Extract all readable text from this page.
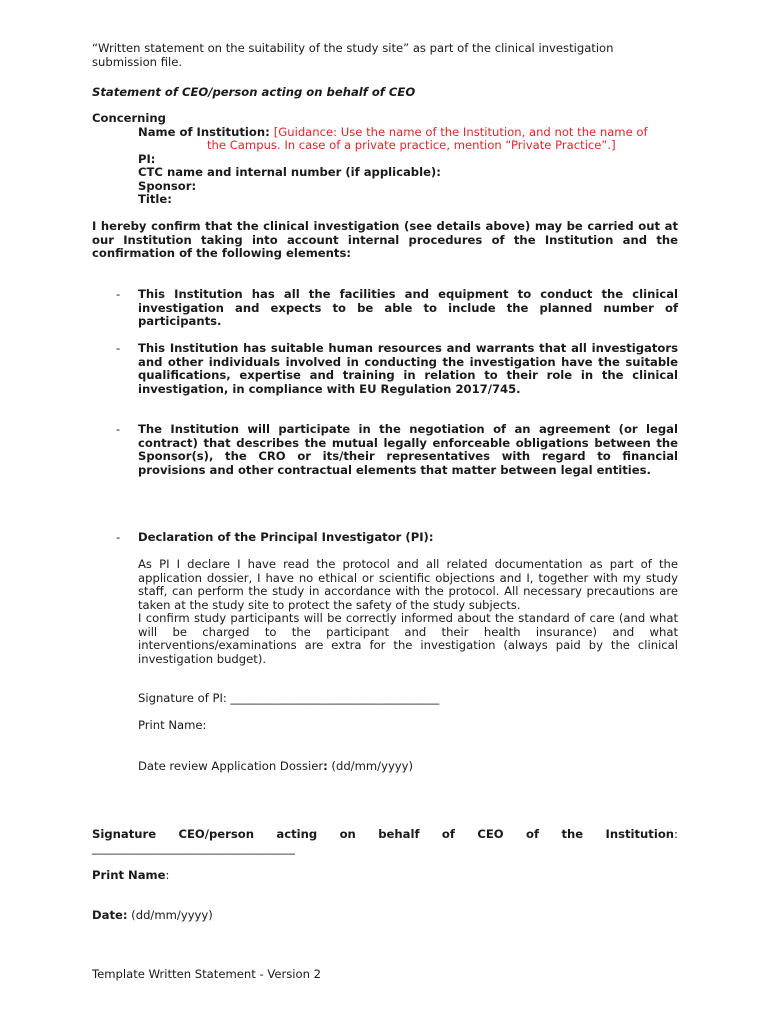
“Written statement on the suitability of the study site” as part of the clinical investigation
submission file.
Statement of CEO/person acting on behalf of CEO
Concerning
Name of Institution: [Guidance: Use the name of the Institution, and not the name of
the Campus. In case of a private practice, mention “Private Practice”.]
PI:
CTC name and internal number (if applicable):
Sponsor:
Title:
I hereby confirm that the clinical investigation (see details above) may be carried out at our Institution taking into account internal procedures of the Institution and the confirmation of the following elements:
- This Institution has all the facilities and equipment to conduct the clinical investigation and expects to be able to include the planned number of participants.
- This Institution has suitable human resources and warrants that all investigators and other individuals involved in conducting the investigation have the suitable qualifications, expertise and training in relation to their role in the clinical investigation, in compliance with EU Regulation 2017/745.
- The Institution will participate in the negotiation of an agreement (or legal contract) that describes the mutual legally enforceable obligations between the Sponsor(s), the CRO or its/their representatives with regard to financial provisions and other contractual elements that matter between legal entities.
- Declaration of the Principal Investigator (PI):
As PI I declare I have read the protocol and all related documentation as part of the application dossier, I have no ethical or scientific objections and I, together with my study staff, can perform the study in accordance with the protocol. All necessary precautions are taken at the study site to protect the safety of the study subjects.
I confirm study participants will be correctly informed about the standard of care (and what will be charged to the participant and their health insurance) and what interventions/examinations are extra for the investigation (always paid by the clinical investigation budget).
Signature of PI: ____________________________________
Print Name:
Date review Application Dossier: (dd/mm/yyyy)
Signature CEO/person acting on behalf of CEO of the Institution:
___________________________________
Print Name:
Date: (dd/mm/yyyy)
Template Written Statement - Version 2
